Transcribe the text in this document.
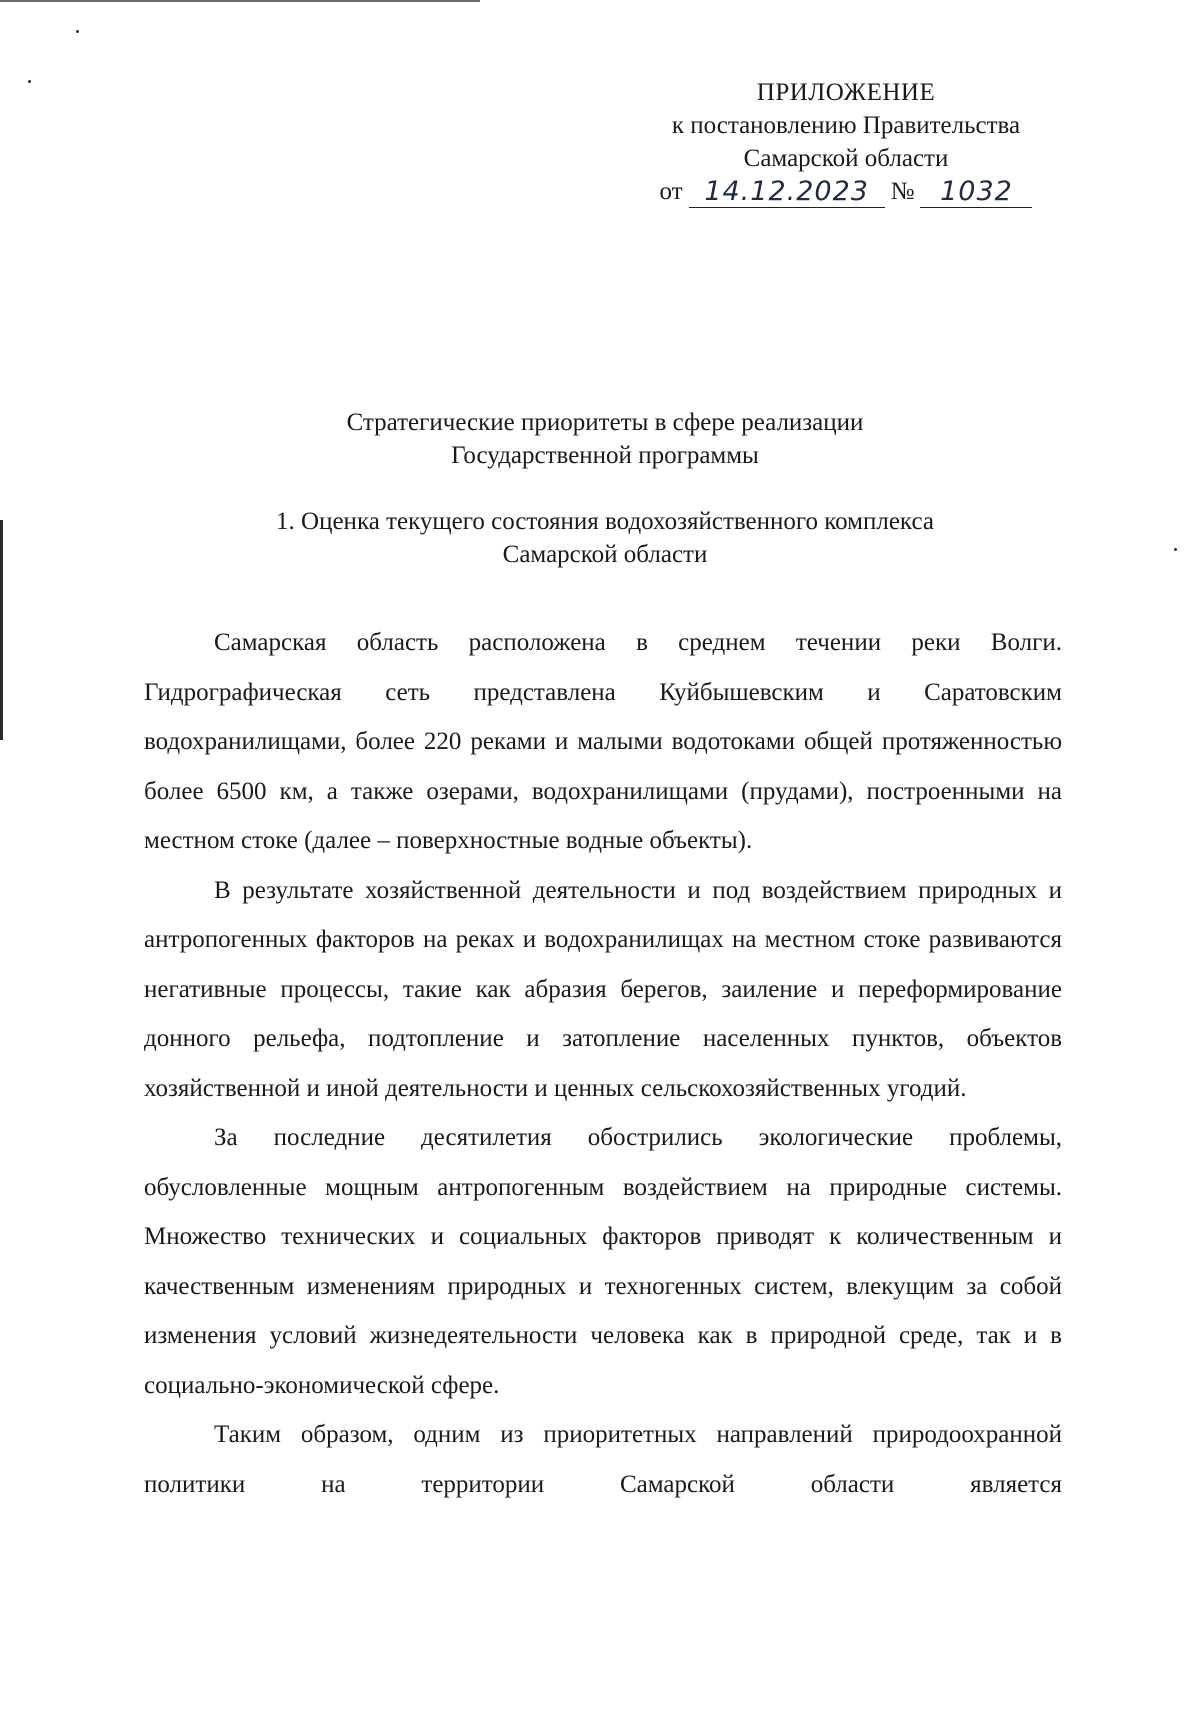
ПРИЛОЖЕНИЕ
к постановлению Правительства
Самарской области
от 14.12.2023 № 1032
Стратегические приоритеты в сфере реализации
Государственной программы
1. Оценка текущего состояния водохозяйственного комплекса
Самарской области

Самарская область расположена в среднем течении реки Волги. Гидрографическая сеть представлена Куйбышевским и Саратовским водохранилищами, более 220 реками и малыми водотоками общей протяженностью более 6500 км, а также озерами, водохранилищами (прудами), построенными на местном стоке (далее – поверхностные водные объекты).

В результате хозяйственной деятельности и под воздействием природных и антропогенных факторов на реках и водохранилищах на местном стоке развиваются негативные процессы, такие как абразия берегов, заиление и переформирование донного рельефа, подтопление и затопление населенных пунктов, объектов хозяйственной и иной деятельности и ценных сельскохозяйственных угодий.

За последние десятилетия обострились экологические проблемы, обусловленные мощным антропогенным воздействием на природные системы. Множество технических и социальных факторов приводят к количественным и качественным изменениям природных и техногенных систем, влекущим за собой изменения условий жизнедеятельности человека как в природной среде, так и в социально-экономической сфере.

Таким образом, одним из приоритетных направлений природоохранной политики на территории Самарской области является
